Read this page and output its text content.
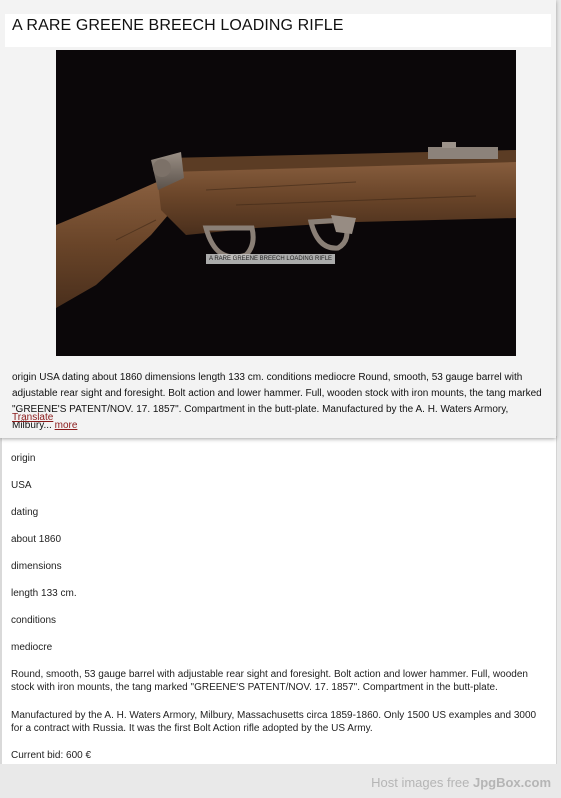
origin
USA
dating
about 1860
dimensions
length 133 cm.
conditions
mediocre
Round, smooth, 53 gauge barrel with adjustable rear sight and foresight. Bolt action and lower hammer. Full, wooden stock with iron mounts, the tang marked "GREENE'S PATENT/NOV. 17. 1857". Compartment in the butt-plate.
Manufactured by the A. H. Waters Armory, Milbury, Massachusetts circa 1859-1860. Only 1500 US examples and 3000 for a contract with Russia. It was the first Bolt Action rifle adopted by the US Army.
Current bid: 600 €
A RARE GREENE BREECH LOADING RIFLE
A RARE GREENE BREECH LOADING RIFLE
origin USA dating about 1860 dimensions length 133 cm. conditions mediocre Round, smooth, 53 gauge barrel with adjustable rear sight and foresight. Bolt action and lower hammer. Full, wooden stock with iron mounts, the tang marked "GREENE'S PATENT/NOV. 17. 1857". Compartment in the butt-plate. Manufactured by the A. H. Waters Armory, Milbury... more
Translate
Host images free JpgBox.com
